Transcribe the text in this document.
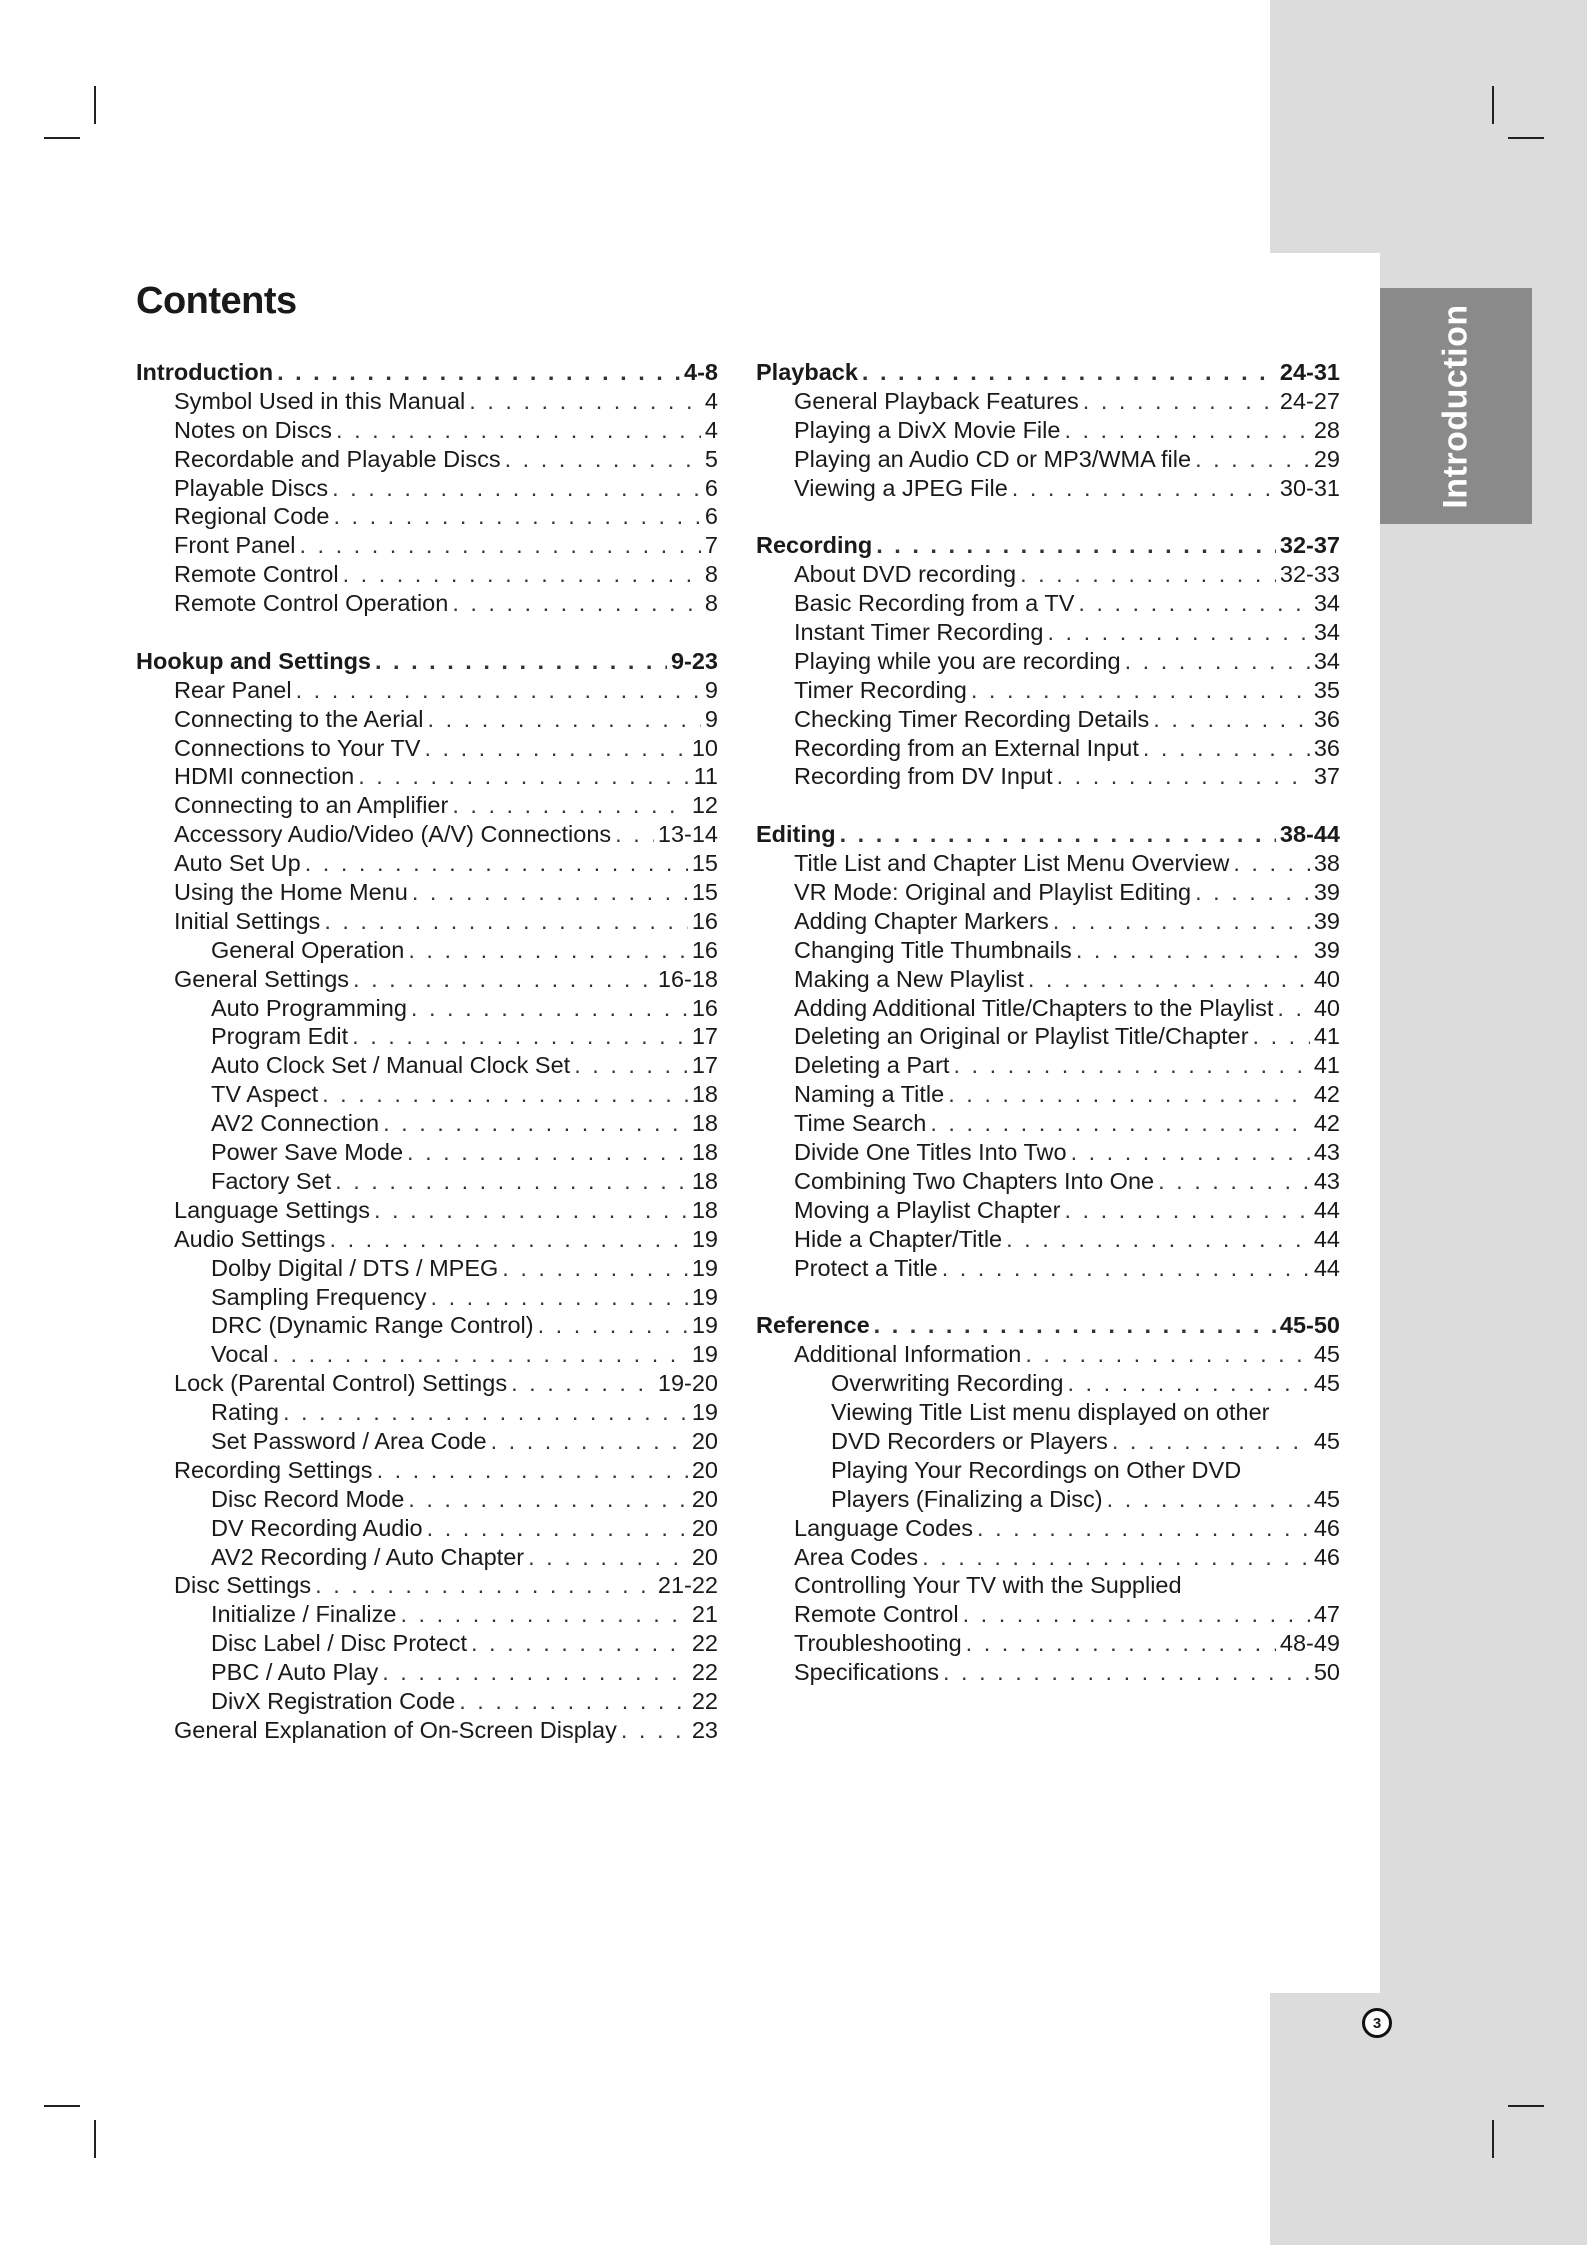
Introduction
Contents
Introduction . . .	4-8
Symbol Used in this Manual . . .	4
Notes on Discs . . .	4
Recordable and Playable Discs . . .	5
Playable Discs . . .	6
Regional Code . . .	6
Front Panel . . .	7
Remote Control . . .	8
Remote Control Operation . . .	8
Hookup and Settings . . .	9-23
Rear Panel . . .	9
Connecting to the Aerial . . .	9
Connections to Your TV . . .	10
HDMI connection . . .	11
Connecting to an Amplifier . . .	12
Accessory Audio/Video (A/V) Connections . . . 13-14
Auto Set Up . . .	15
Using the Home Menu . . .	15
Initial Settings . . .	16
General Operation . . .	16
General Settings . . .	16-18
Auto Programming . . .	16
Program Edit . . .	17
Auto Clock Set / Manual Clock Set . . .	17
TV Aspect . . .	18
AV2 Connection . . .	18
Power Save Mode . . .	18
Factory Set . . .	18
Language Settings . . .	18
Audio Settings . . .	19
Dolby Digital / DTS / MPEG . . .	19
Sampling Frequency . . .	19
DRC (Dynamic Range Control) . . .	19
Vocal . . .	19
Lock (Parental Control) Settings . . .	19-20
Rating . . .	19
Set Password / Area Code . . .	20
Recording Settings . . .	20
Disc Record Mode . . .	20
DV Recording Audio . . .	20
AV2 Recording / Auto Chapter . . .	20
Disc Settings . . .	21-22
Initialize / Finalize . . .	21
Disc Label / Disc Protect . . .	22
PBC / Auto Play . . .	22
DivX Registration Code . . .	22
General Explanation of On-Screen Display . . .	23
Playback . . .	24-31
General Playback Features . . .	24-27
Playing a DivX Movie File . . .	28
Playing an Audio CD or MP3/WMA file . . .	29
Viewing a JPEG File . . .	30-31
Recording . . .	32-37
About DVD recording . . .	32-33
Basic Recording from a TV . . .	34
Instant Timer Recording . . .	34
Playing while you are recording . . .	34
Timer Recording . . .	35
Checking Timer Recording Details . . .	36
Recording from an External Input . . .	36
Recording from DV Input . . .	37
Editing . . .	38-44
Title List and Chapter List Menu Overview . . .	38
VR Mode: Original and Playlist Editing . . .	39
Adding Chapter Markers . . .	39
Changing Title Thumbnails . . .	39
Making a New Playlist . . .	40
Adding Additional Title/Chapters to the Playlist . . . 40
Deleting an Original or Playlist Title/Chapter . . .	41
Deleting a Part . . .	41
Naming a Title . . .	42
Time Search . . .	42
Divide One Titles Into Two . . .	43
Combining Two Chapters Into One . . .	43
Moving a Playlist Chapter . . .	44
Hide a Chapter/Title . . .	44
Protect a Title . . .	44
Reference . . .	45-50
Additional Information . . .	45
Overwriting Recording . . .	45
Viewing Title List menu displayed on other
DVD Recorders or Players . . .	45
Playing Your Recordings on Other DVD
Players (Finalizing a Disc) . . .	45
Language Codes . . .	46
Area Codes . . .	46
Controlling Your TV with the Supplied
Remote Control . . .	47
Troubleshooting . . .	48-49
Specifications . . .	50
3
